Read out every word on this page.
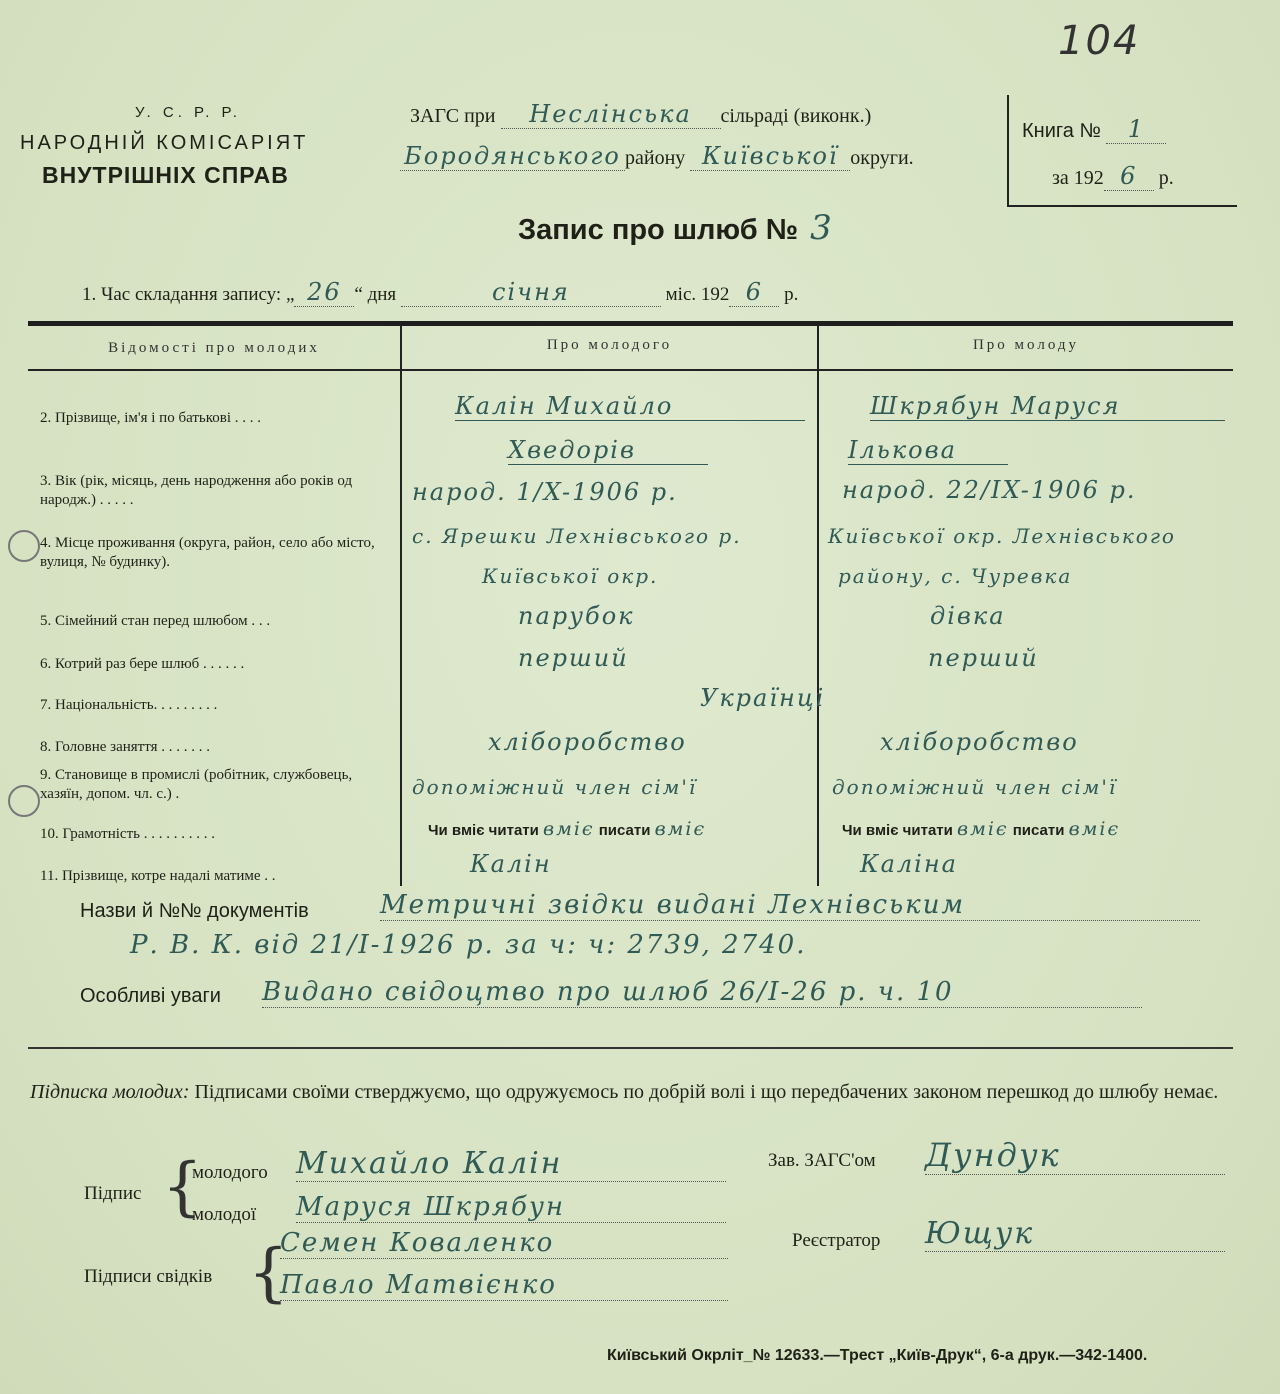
104
У. С. Р. Р.
НАРОДНІЙ КОМІСАРІЯТ
ВНУТРІШНІХ СПРАВ
ЗАГС при Неслінська сільраді (виконк.)
Бородянського району Київської округи.
Книга № 1
за 192 6 р.
Запис про шлюб № 3
1. Час складання запису: „ 26 “ дня	січня	міс. 192 6 р.
Відомості про молодих	Про молодого	Про молоду
2. Прізвище, ім'я і по батькові . . . .	Калін Михайло	Шкрябун Маруся
Хведорів	Ількова
3. Вік (рік, місяць, день народження або років од народж.) . . . . .	народ. 1/X-1906 р.	народ. 22/IX-1906 р.
4. Місце проживання (округа, район, село або місто, вулиця, № будинку).
с. Ярешки Лехнівського р.	Київської окр. Лехнівського
Київської окр.	району, с. Чуревка
5. Сімейний стан перед шлюбом . . .	парубок	дівка
6. Котрий раз бере шлюб . . . . . .	перший	перший
7. Національність. . . . . . . . .	Українці
8. Головне заняття . . . . . . .	хліборобство	хліборобство
9. Становище в промислі (робітник, службовець, хазяїн, допом. чл. с.) .	допоміжний член сім'ї	допоміжний член сім'ї
10. Грамотність . . . . . . . . . .	Чи вміє читати вміє писати вміє	Чи вміє читати вміє писати вміє
11. Прізвище, котре надалі матиме . .	Калін	Каліна
Назви й №№ документів	Метричні звідки видані Лехнівським
Р. В. К. від 21/I-1926 р. за ч: ч: 2739, 2740.
Особливі уваги Видано свідоцтво про шлюб 26/I-26 р. ч. 10
Підписка молодих: Підписами своїми стверджуємо, що одружуємось по добрій волі і що передбачених законом перешкод до шлюбу немає.
Підпис {
молодого Михайло Калін
молодої Маруся Шкрябун
Підписи свідків {
Семен Коваленко
Павло Матвієнко
Зав. ЗАГС'ом Дундук
Реєстратор Ющук
Київський Окрліт_№ 12633.—Трест „Київ-Друк“, 6-а друк.—342-1400.
